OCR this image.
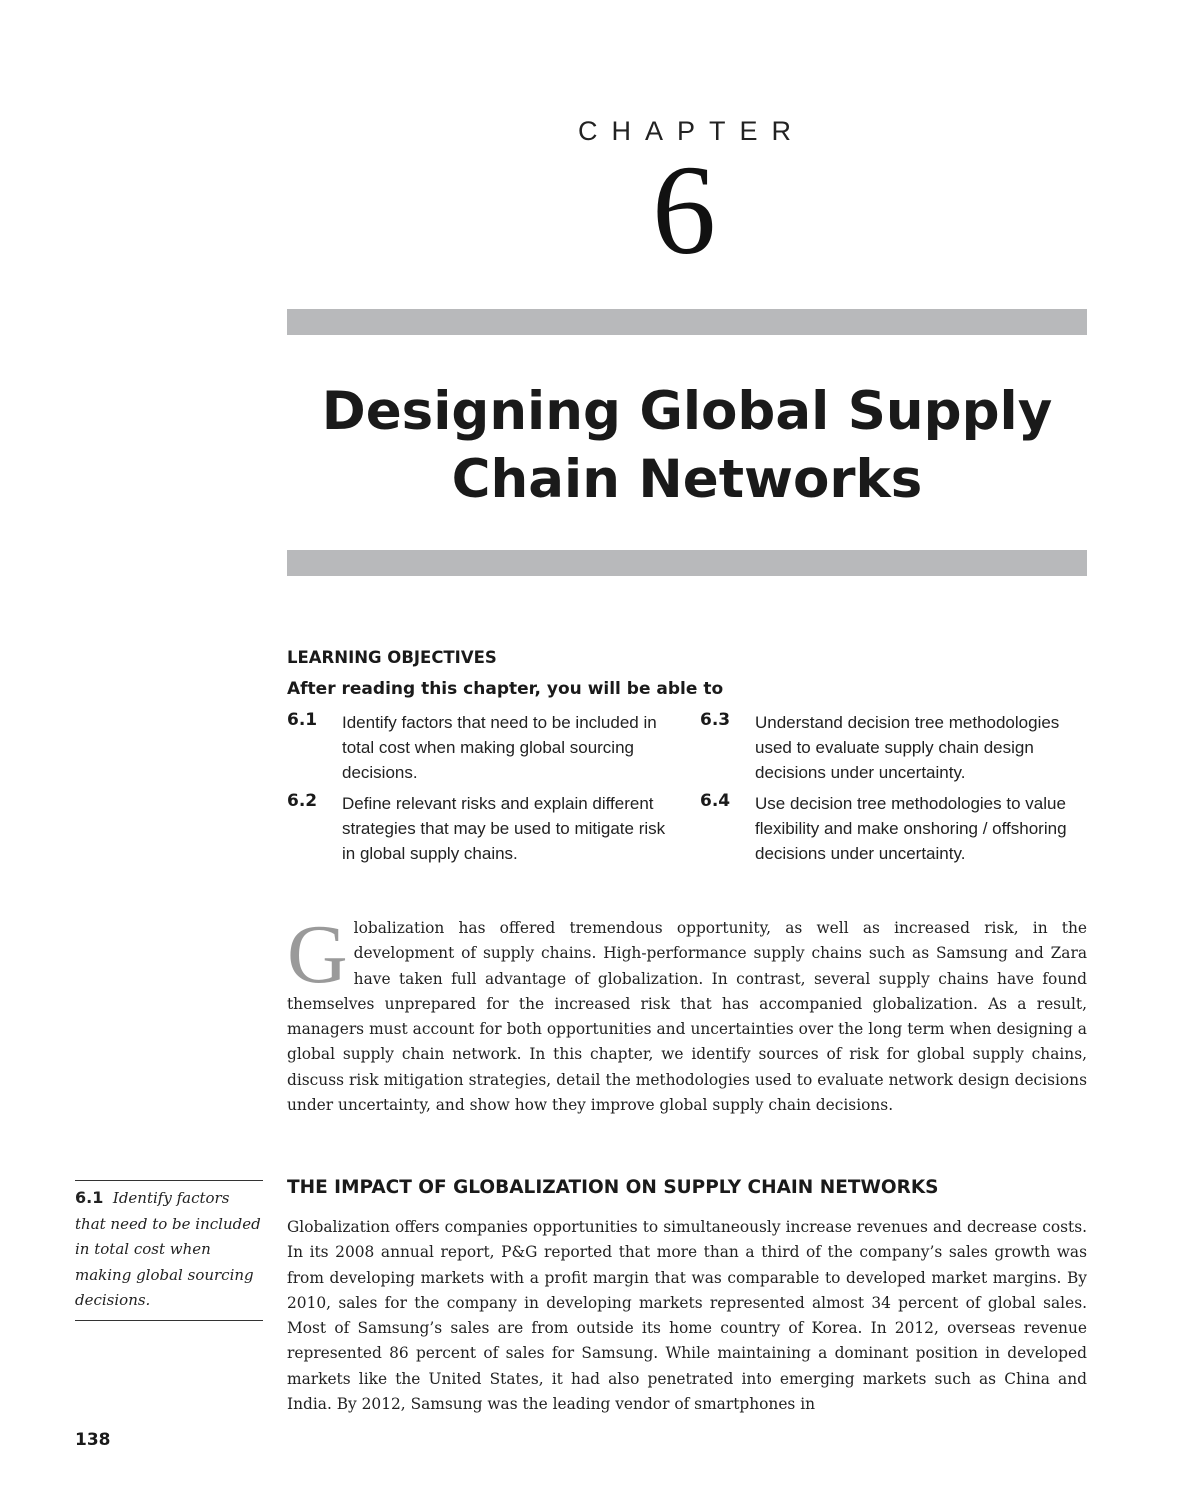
CHAPTER
6
Designing Global Supply
Chain Networks
LEARNING OBJECTIVES
After reading this chapter, you will be able to
6.1 Identify factors that need to be included in total cost when making global sourcing decisions.
6.2 Define relevant risks and explain different strategies that may be used to mitigate risk in global supply chains.
6.3 Understand decision tree methodologies used to evaluate supply chain design decisions under uncertainty.
6.4 Use decision tree methodologies to value flexibility and make onshoring / offshoring decisions under uncertainty.

Globalization has offered tremendous opportunity, as well as increased risk, in the development of supply chains. High-performance supply chains such as Samsung and Zara have taken full advantage of globalization. In contrast, several supply chains have found themselves unprepared for the increased risk that has accompanied globalization. As a result, managers must account for both opportunities and uncertainties over the long term when designing a global supply chain network. In this chapter, we identify sources of risk for global supply chains, discuss risk mitigation strategies, detail the methodologies used to evaluate network design decisions under uncertainty, and show how they improve global supply chain decisions.

6.1 Identify factors that need to be included in total cost when making global sourcing decisions.
THE IMPACT OF GLOBALIZATION ON SUPPLY CHAIN NETWORKS

Globalization offers companies opportunities to simultaneously increase revenues and decrease costs. In its 2008 annual report, P&G reported that more than a third of the company’s sales growth was from developing markets with a profit margin that was comparable to developed market margins. By 2010, sales for the company in developing markets represented almost 34 percent of global sales. Most of Samsung’s sales are from outside its home country of Korea. In 2012, overseas revenue represented 86 percent of sales for Samsung. While maintaining a dominant position in developed markets like the United States, it had also penetrated into emerging markets such as China and India. By 2012, Samsung was the leading vendor of smartphones in

138
